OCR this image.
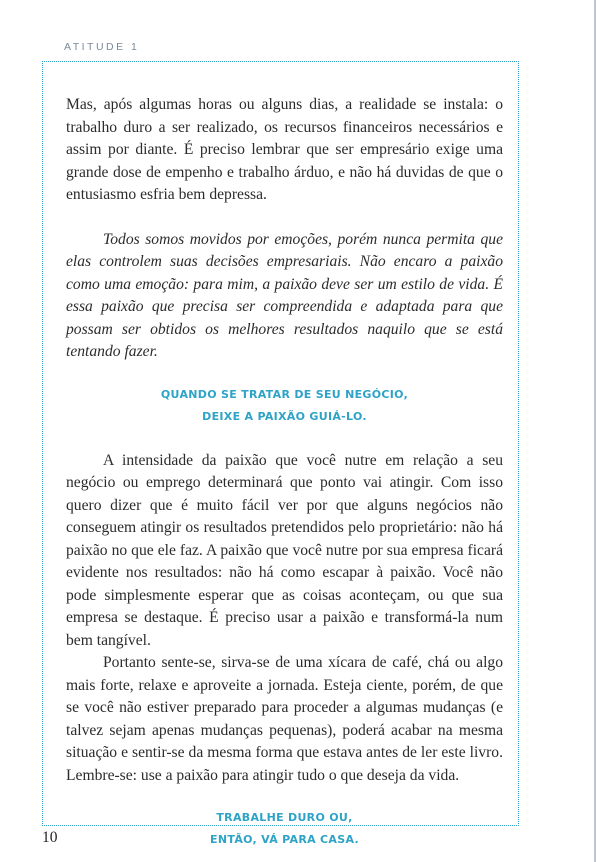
ATITUDE 1

Mas, após algumas horas ou alguns dias, a realidade se instala: o trabalho duro a ser realizado, os recursos financeiros necessários e assim por diante. É preciso lembrar que ser empresário exige uma grande dose de empenho e trabalho árduo, e não há duvidas de que o entusiasmo esfria bem depressa.

Todos somos movidos por emoções, porém nunca permita que elas controlem suas decisões empresariais. Não encaro a paixão como uma emoção: para mim, a paixão deve ser um estilo de vida. É essa paixão que precisa ser compreendida e adaptada para que possam ser obtidos os melhores resultados naquilo que se está tentando fazer.

QUANDO SE TRATAR DE SEU NEGÓCIO,

DEIXE A PAIXÃO GUIÁ-LO.

A intensidade da paixão que você nutre em relação a seu negócio ou emprego determinará que ponto vai atingir. Com isso quero dizer que é muito fácil ver por que alguns negócios não conseguem atingir os resultados pretendidos pelo proprietário: não há paixão no que ele faz. A paixão que você nutre por sua empresa ficará evidente nos resultados: não há como escapar à paixão. Você não pode simplesmente esperar que as coisas aconteçam, ou que sua empresa se destaque. É preciso usar a paixão e transformá-la num bem tangível.

Portanto sente-se, sirva-se de uma xícara de café, chá ou algo mais forte, relaxe e aproveite a jornada. Esteja ciente, porém, de que se você não estiver preparado para proceder a algumas mudanças (e talvez sejam apenas mudanças pequenas), poderá acabar na mesma situação e sentir-se da mesma forma que estava antes de ler este livro. Lembre-se: use a paixão para atingir tudo o que deseja da vida.

TRABALHE DURO OU,

ENTÃO, VÁ PARA CASA.

10
